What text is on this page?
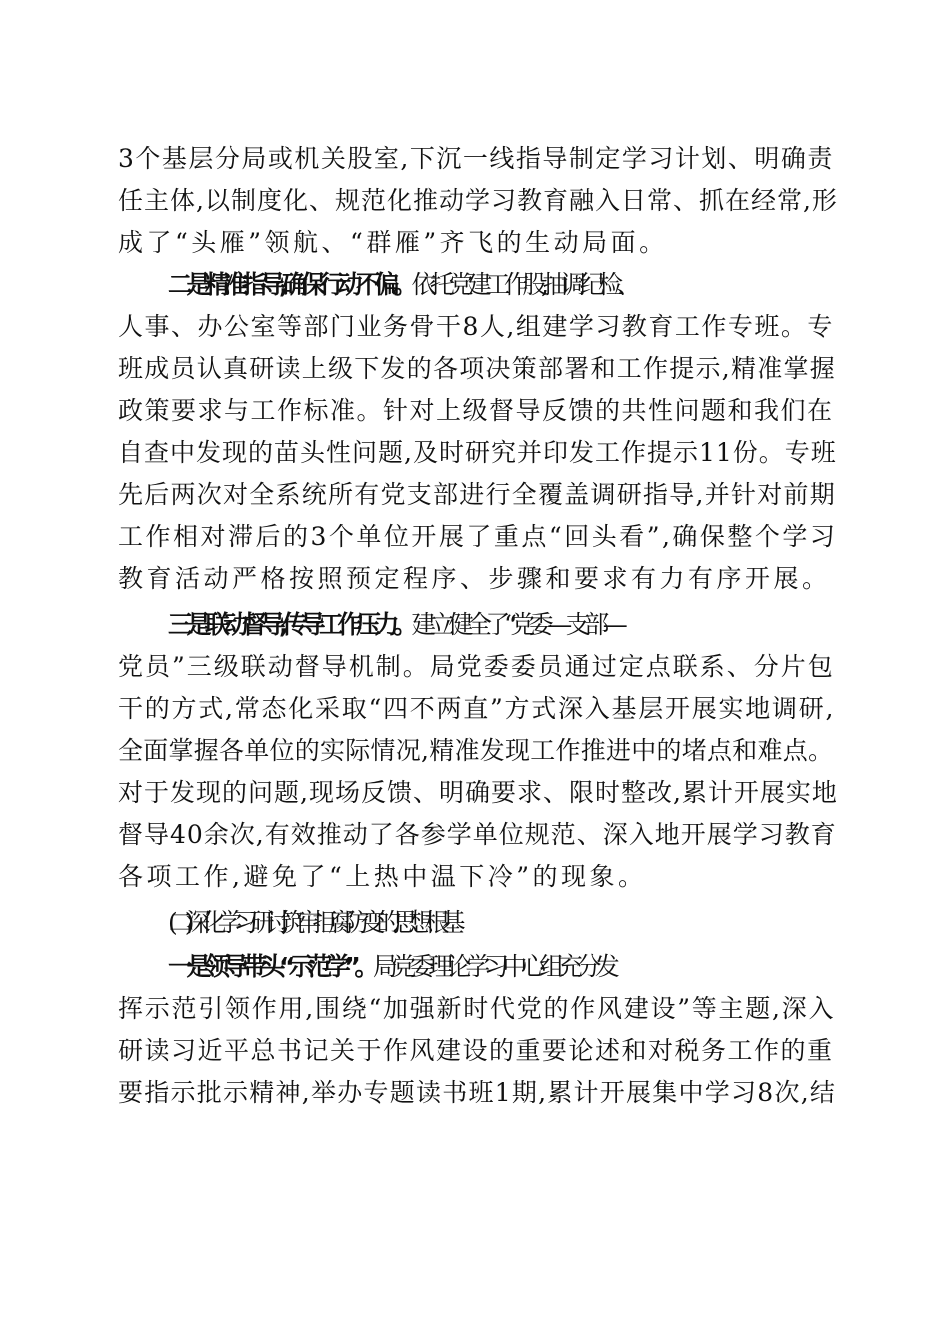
3个基层分局或机关股室,下沉一线指导制定学习计划、明确责
任主体,以制度化、规范化推动学习教育融入日常、抓在经常,形
成了“头雁”领航、“群雁”齐飞的生动局面。
二是精准指导,确保行动不偏。依托党建工作股,抽调纪检、
人事、办公室等部门业务骨干8人,组建学习教育工作专班。专
班成员认真研读上级下发的各项决策部署和工作提示,精准掌握
政策要求与工作标准。针对上级督导反馈的共性问题和我们在
自查中发现的苗头性问题,及时研究并印发工作提示11份。专班
先后两次对全系统所有党支部进行全覆盖调研指导,并针对前期
工作相对滞后的3个单位开展了重点“回头看”,确保整个学习
教育活动严格按照预定程序、步骤和要求有力有序开展。
三是联动督导,传导工作压力。建立健全了“党委—支部—
党员”三级联动督导机制。局党委委员通过定点联系、分片包
干的方式,常态化采取“四不两直”方式深入基层开展实地调研,
全面掌握各单位的实际情况,精准发现工作推进中的堵点和难点。
对于发现的问题,现场反馈、明确要求、限时整改,累计开展实地
督导40余次,有效推动了各参学单位规范、深入地开展学习教育
各项工作,避免了“上热中温下冷”的现象。
(二)深化学习研讨,筑牢拒腐防变的思想根基
一是领导带头“示范学”。局党委理论学习中心组充分发
挥示范引领作用,围绕“加强新时代党的作风建设”等主题,深入
研读习近平总书记关于作风建设的重要论述和对税务工作的重
要指示批示精神,举办专题读书班1期,累计开展集中学习8次,结
